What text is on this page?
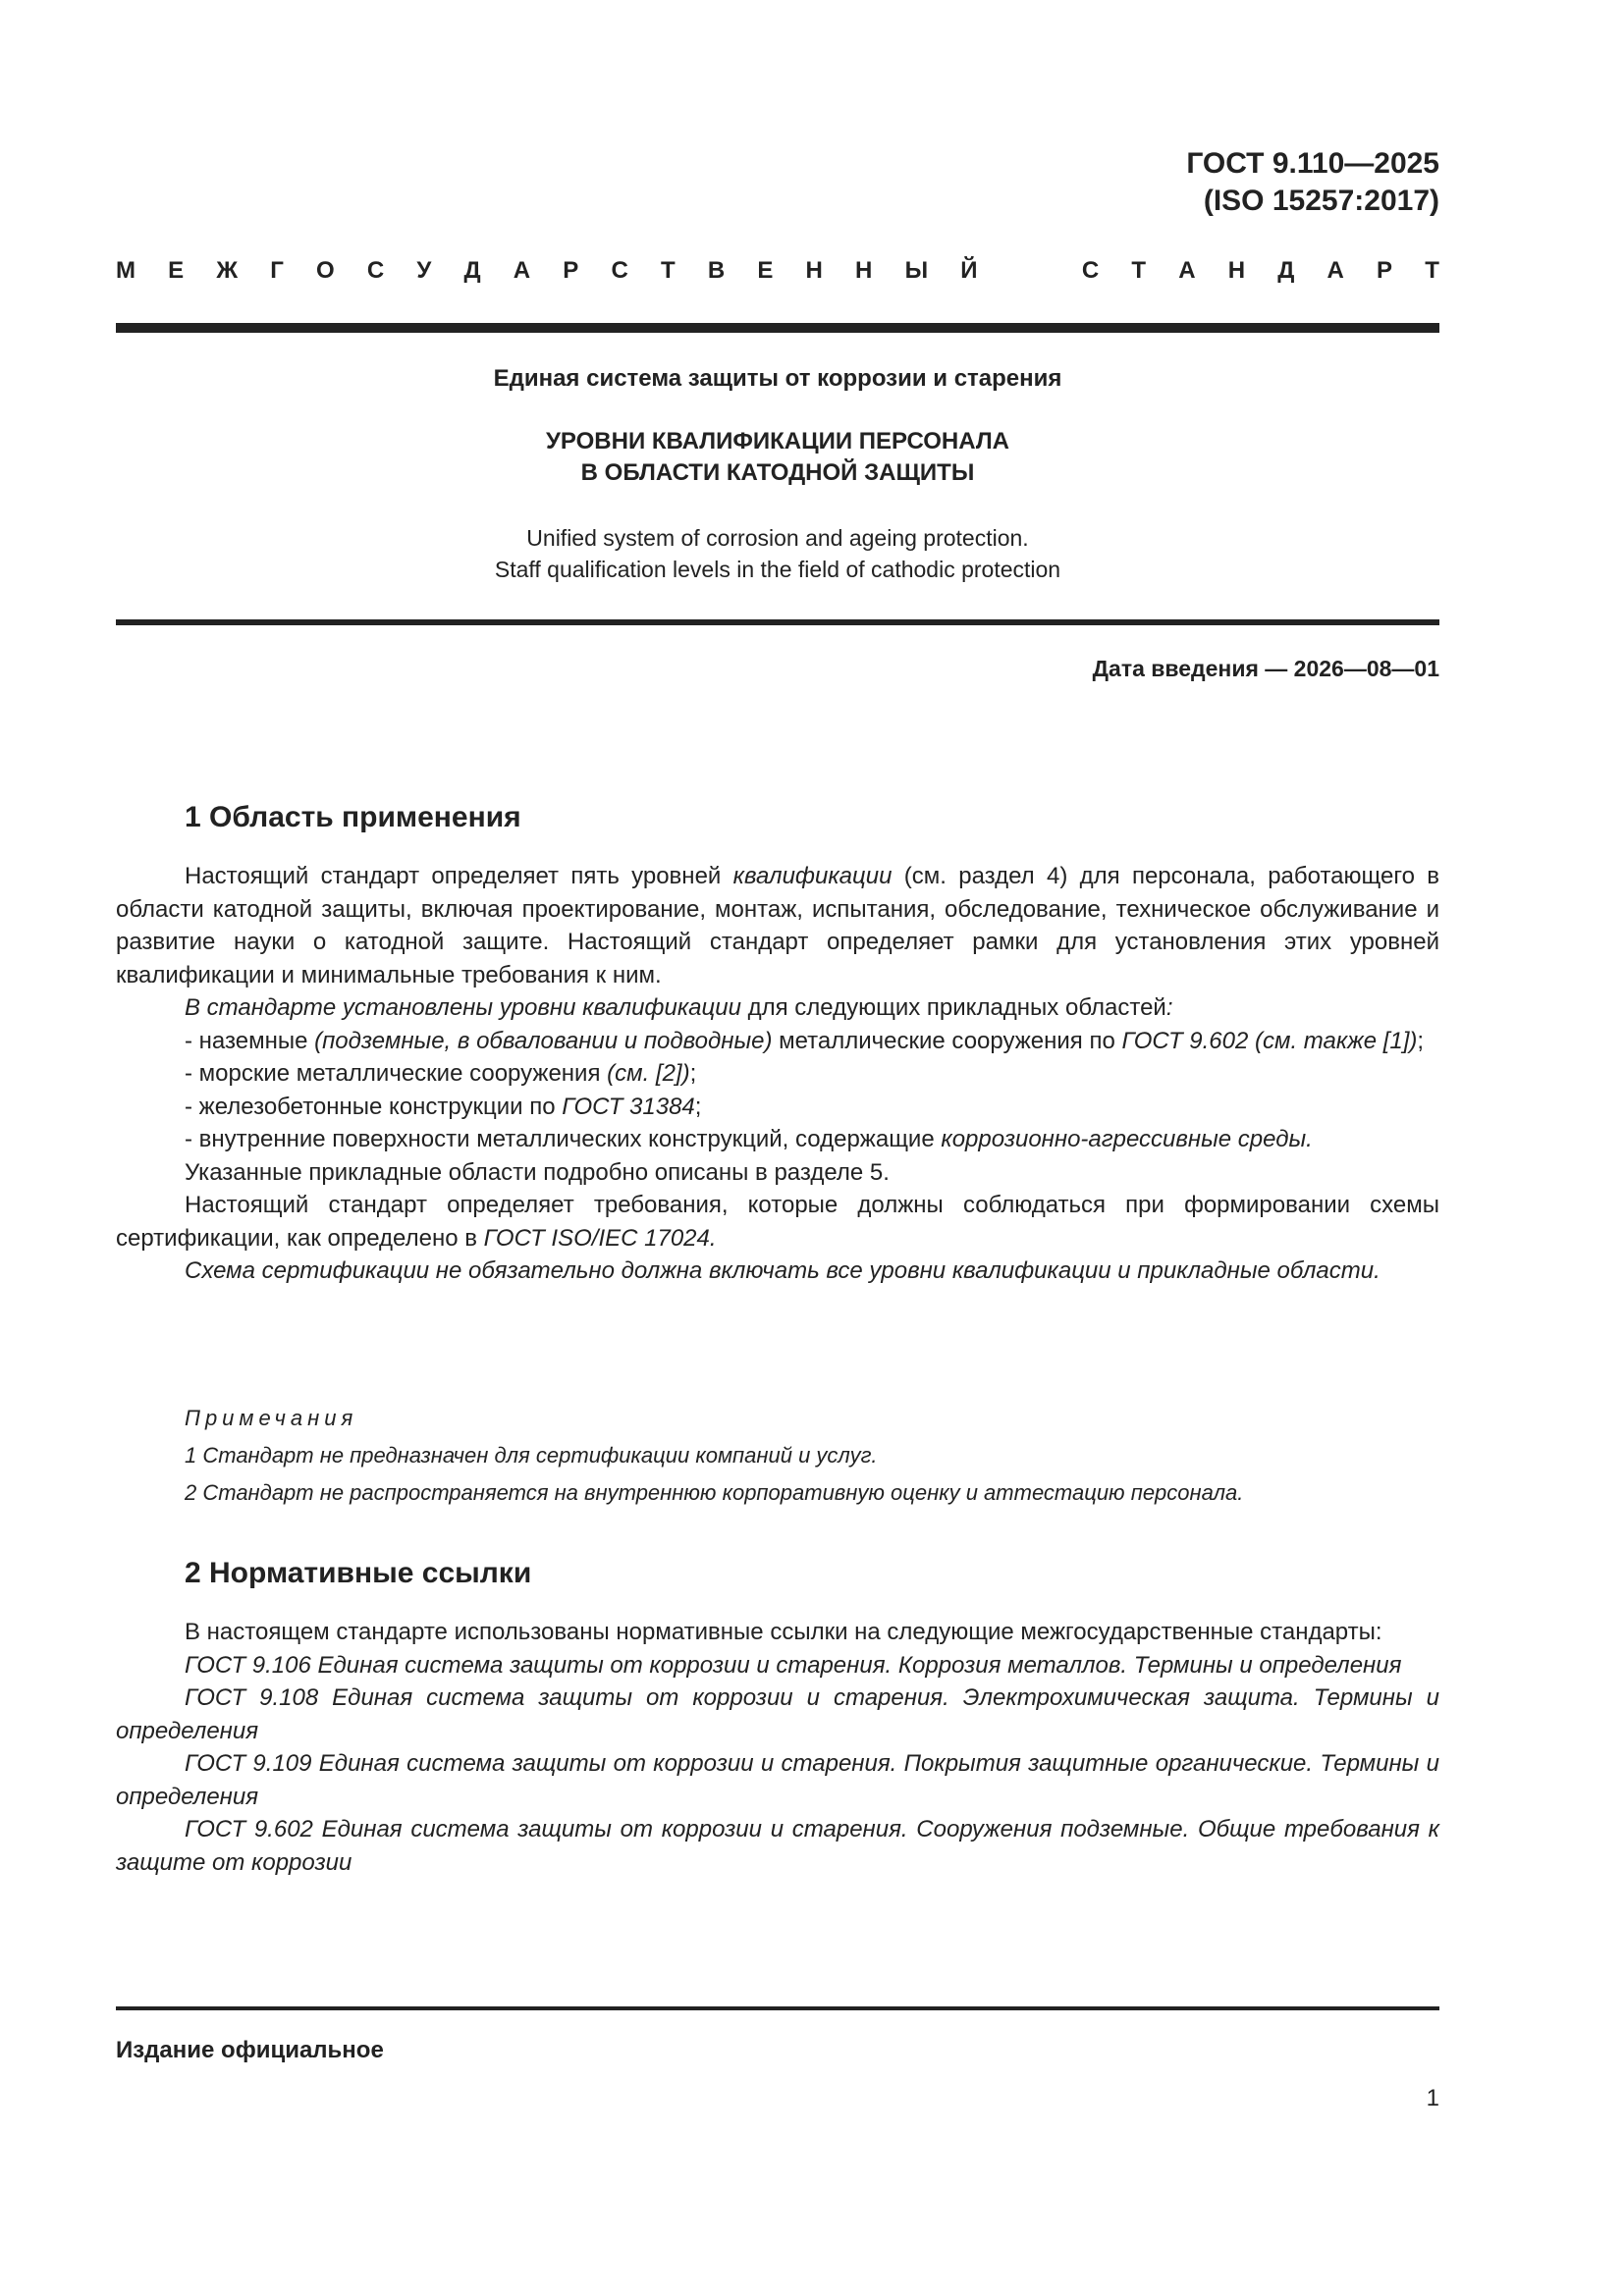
ГОСТ 9.110—2025
(ISO 15257:2017)
М Е Ж Г О С У Д А Р С Т В Е Н Н Ы Й	С Т А Н Д А Р Т
Единая система защиты от коррозии и старения
УРОВНИ КВАЛИФИКАЦИИ ПЕРСОНАЛА
В ОБЛАСТИ КАТОДНОЙ ЗАЩИТЫ
Unified system of corrosion and ageing protection.
Staff qualification levels in the field of cathodic protection
Дата введения — 2026—08—01
1 Область применения

Настоящий стандарт определяет пять уровней квалификации (см. раздел 4) для персонала, работающего в области катодной защиты, включая проектирование, монтаж, испытания, обследование, техническое обслуживание и развитие науки о катодной защите. Настоящий стандарт определяет рамки для установления этих уровней квалификации и минимальные требования к ним.

В стандарте установлены уровни квалификации для следующих прикладных областей:

- наземные (подземные, в обваловании и подводные) металлические сооружения по ГОСТ 9.602 (см. также [1]);

- морские металлические сооружения (см. [2]);

- железобетонные конструкции по ГОСТ 31384;

- внутренние поверхности металлических конструкций, содержащие коррозионно-агрессивные среды.

Указанные прикладные области подробно описаны в разделе 5.

Настоящий стандарт определяет требования, которые должны соблюдаться при формировании схемы сертификации, как определено в ГОСТ ISO/IEC 17024.

Схема сертификации не обязательно должна включать все уровни квалификации и прикладные области.

Примечания
1 Стандарт не предназначен для сертификации компаний и услуг.
2 Стандарт не распространяется на внутреннюю корпоративную оценку и аттестацию персонала.
2 Нормативные ссылки

В настоящем стандарте использованы нормативные ссылки на следующие межгосударственные стандарты:

ГОСТ 9.106 Единая система защиты от коррозии и старения. Коррозия металлов. Термины и определения

ГОСТ 9.108 Единая система защиты от коррозии и старения. Электрохимическая защита. Термины и определения

ГОСТ 9.109 Единая система защиты от коррозии и старения. Покрытия защитные органические. Термины и определения

ГОСТ 9.602 Единая система защиты от коррозии и старения. Сооружения подземные. Общие требования к защите от коррозии

Издание официальное
1
